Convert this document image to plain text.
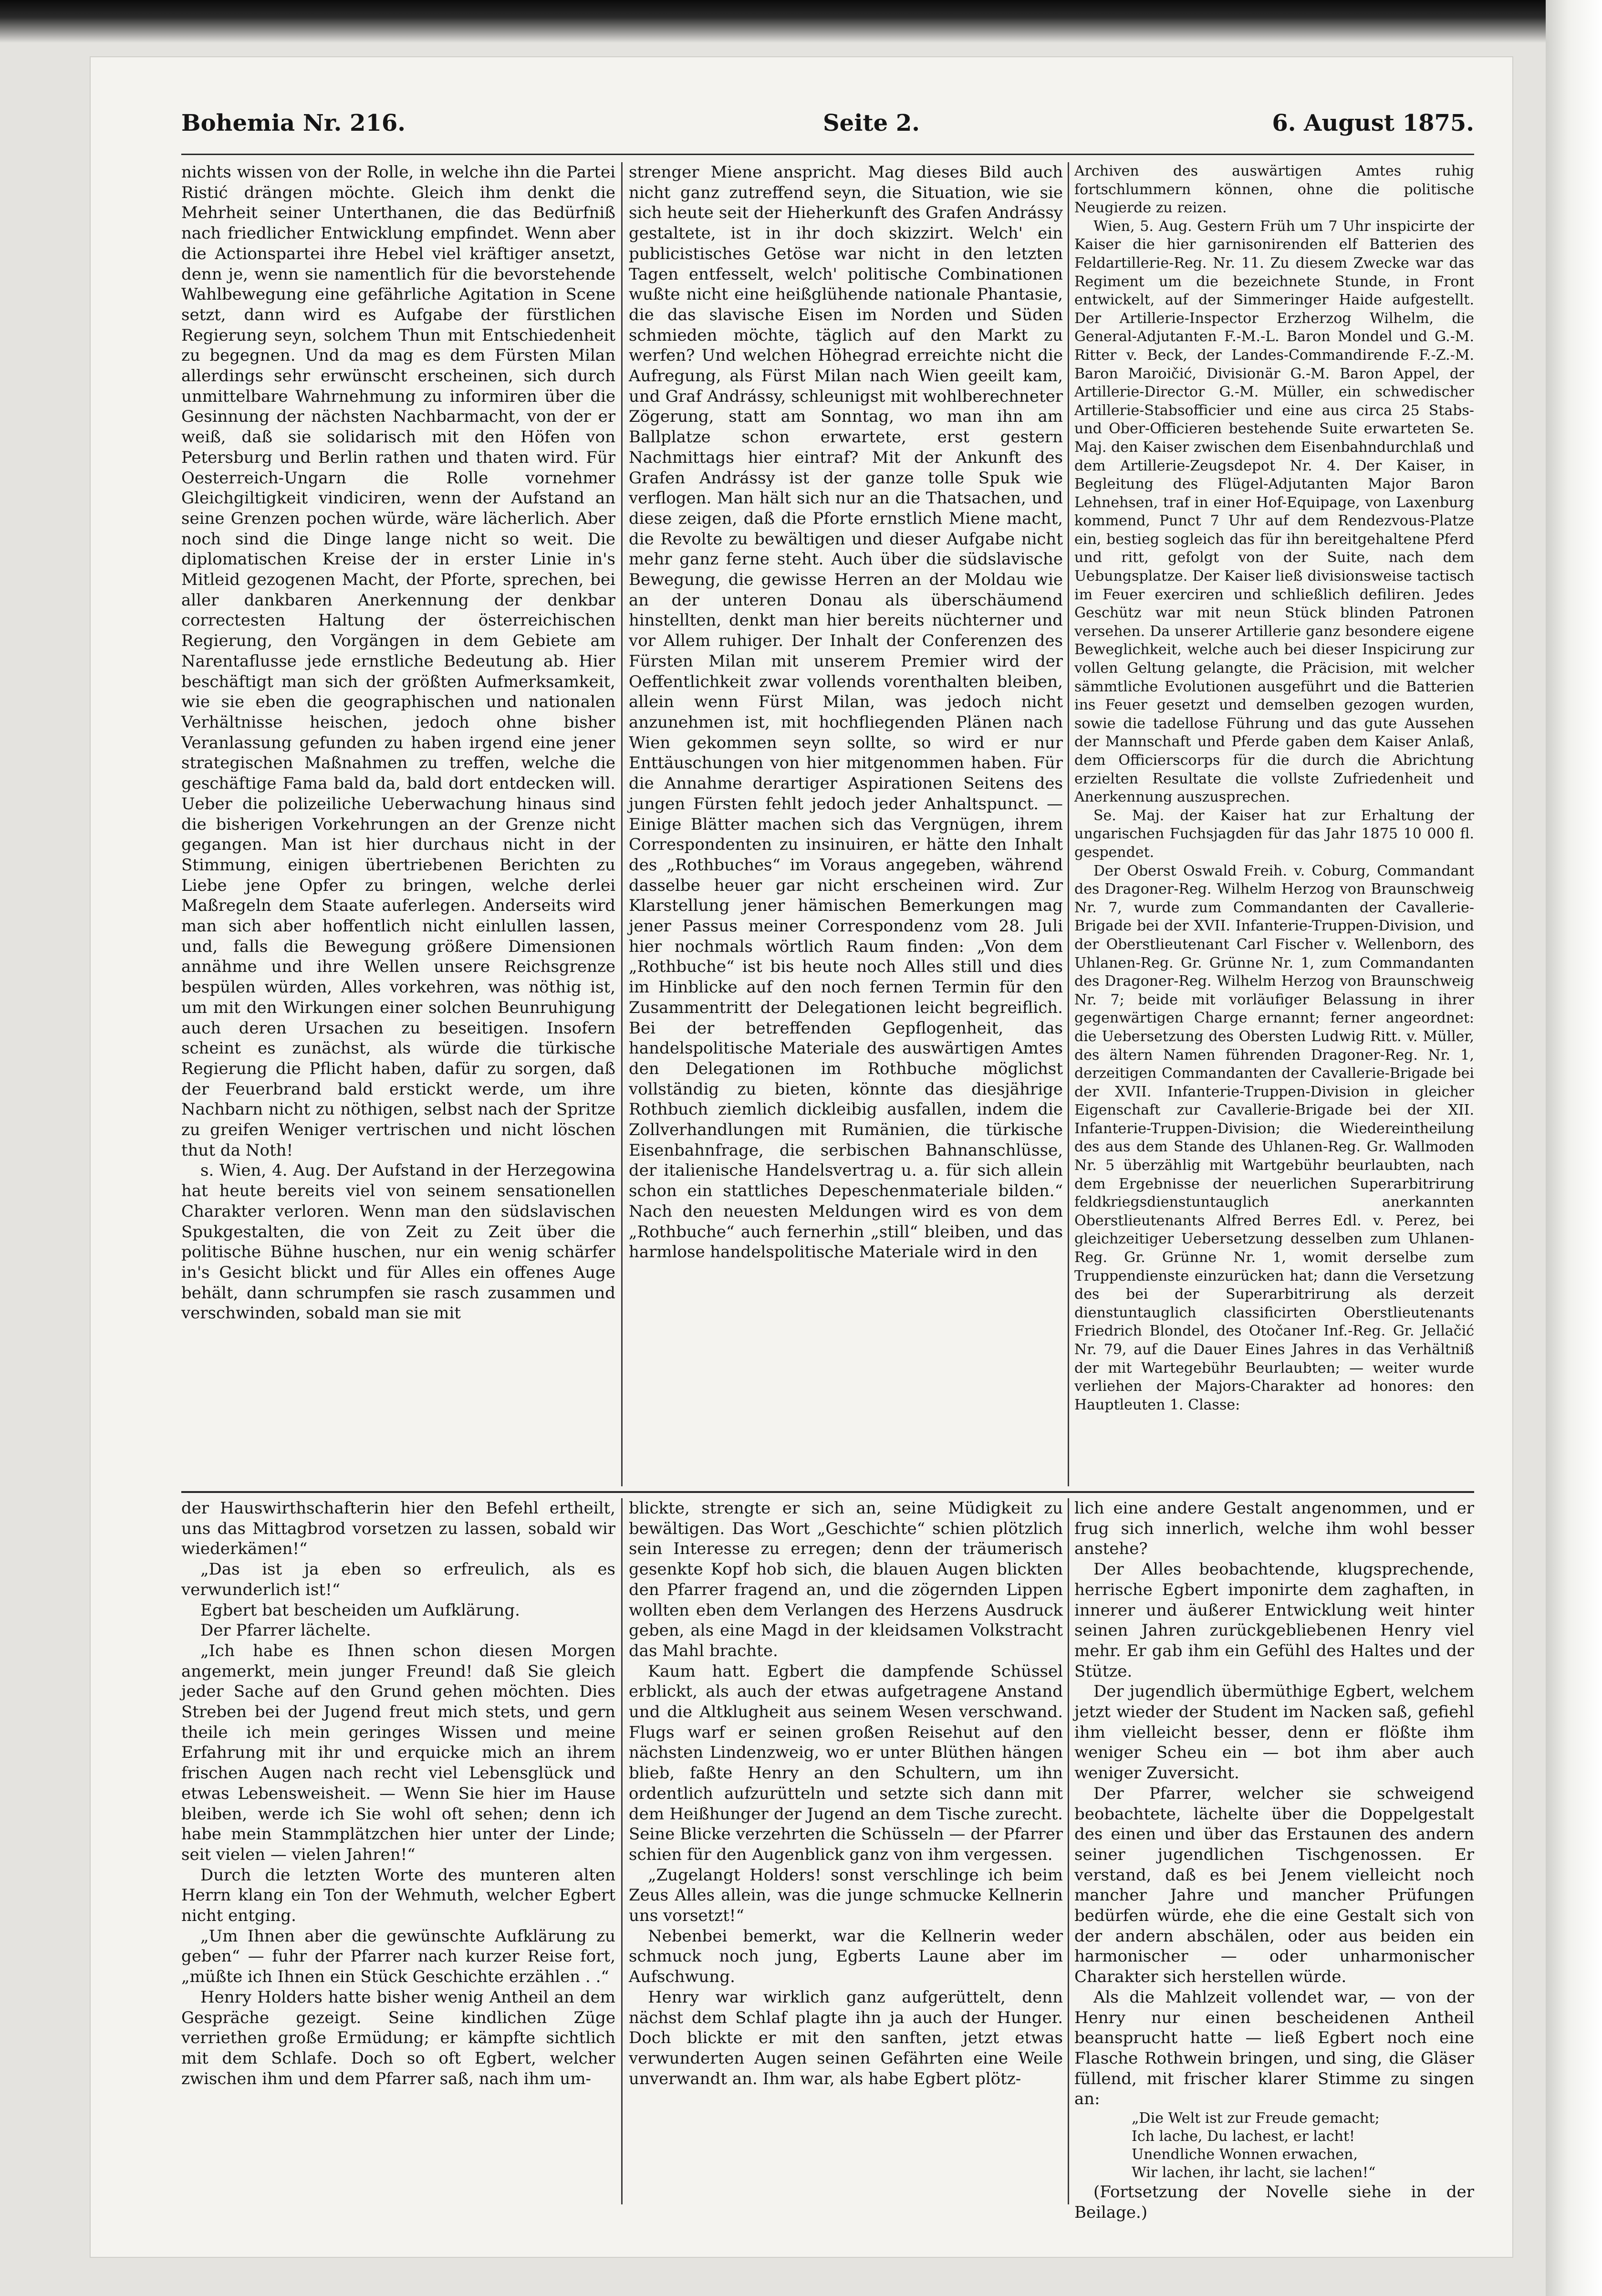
Bohemia Nr. 216.	Seite 2.	6. August 1875.

nichts wissen von der Rolle, in welche ihn die Partei Ristić drängen möchte. Gleich ihm denkt die Mehrheit seiner Unterthanen, die das Bedürfniß nach friedlicher Entwicklung empfindet. Wenn aber die Actionspartei ihre Hebel viel kräftiger ansetzt, denn je, wenn sie namentlich für die bevorstehende Wahlbewegung eine gefährliche Agitation in Scene setzt, dann wird es Aufgabe der fürstlichen Regierung seyn, solchem Thun mit Entschiedenheit zu begegnen. Und da mag es dem Fürsten Milan allerdings sehr erwünscht erscheinen, sich durch unmittelbare Wahrnehmung zu informiren über die Gesinnung der nächsten Nachbarmacht, von der er weiß, daß sie solidarisch mit den Höfen von Petersburg und Berlin rathen und thaten wird. Für Oesterreich-Ungarn die Rolle vornehmer Gleichgiltigkeit vindiciren, wenn der Aufstand an seine Grenzen pochen würde, wäre lächerlich. Aber noch sind die Dinge lange nicht so weit. Die diplomatischen Kreise der in erster Linie in's Mitleid gezogenen Macht, der Pforte, sprechen, bei aller dankbaren Anerkennung der denkbar correctesten Haltung der österreichischen Regierung, den Vorgängen in dem Gebiete am Narentaflusse jede ernstliche Bedeutung ab. Hier beschäftigt man sich der größten Aufmerksamkeit, wie sie eben die geographischen und nationalen Verhältnisse heischen, jedoch ohne bisher Veranlassung gefunden zu haben irgend eine jener strategischen Maßnahmen zu treffen, welche die geschäftige Fama bald da, bald dort entdecken will. Ueber die polizeiliche Ueberwachung hinaus sind die bisherigen Vorkehrungen an der Grenze nicht gegangen. Man ist hier durchaus nicht in der Stimmung, einigen übertriebenen Berichten zu Liebe jene Opfer zu bringen, welche derlei Maßregeln dem Staate auferlegen. Anderseits wird man sich aber hoffentlich nicht einlullen lassen, und, falls die Bewegung größere Dimensionen annähme und ihre Wellen unsere Reichsgrenze bespülen würden, Alles vorkehren, was nöthig ist, um mit den Wirkungen einer solchen Beunruhigung auch deren Ursachen zu beseitigen. Insofern scheint es zunächst, als würde die türkische Regierung die Pflicht haben, dafür zu sorgen, daß der Feuerbrand bald erstickt werde, um ihre Nachbarn nicht zu nöthigen, selbst nach der Spritze zu greifen Weniger vertrischen und nicht löschen thut da Noth!

s. Wien, 4. Aug. Der Aufstand in der Herzegowina hat heute bereits viel von seinem sensationellen Charakter verloren. Wenn man den südslavischen Spukgestalten, die von Zeit zu Zeit über die politische Bühne huschen, nur ein wenig schärfer in's Gesicht blickt und für Alles ein offenes Auge behält, dann schrumpfen sie rasch zusammen und verschwinden, sobald man sie mit

strenger Miene anspricht. Mag dieses Bild auch nicht ganz zutreffend seyn, die Situation, wie sie sich heute seit der Hieherkunft des Grafen Andrássy gestaltete, ist in ihr doch skizzirt. Welch' ein publicistisches Getöse war nicht in den letzten Tagen entfesselt, welch' politische Combinationen wußte nicht eine heißglühende nationale Phantasie, die das slavische Eisen im Norden und Süden schmieden möchte, täglich auf den Markt zu werfen? Und welchen Höhegrad erreichte nicht die Aufregung, als Fürst Milan nach Wien geeilt kam, und Graf Andrássy, schleunigst mit wohlberechneter Zögerung, statt am Sonntag, wo man ihn am Ballplatze schon erwartete, erst gestern Nachmittags hier eintraf? Mit der Ankunft des Grafen Andrássy ist der ganze tolle Spuk wie verflogen. Man hält sich nur an die Thatsachen, und diese zeigen, daß die Pforte ernstlich Miene macht, die Revolte zu bewältigen und dieser Aufgabe nicht mehr ganz ferne steht. Auch über die südslavische Bewegung, die gewisse Herren an der Moldau wie an der unteren Donau als überschäumend hinstellten, denkt man hier bereits nüchterner und vor Allem ruhiger. Der Inhalt der Conferenzen des Fürsten Milan mit unserem Premier wird der Oeffentlichkeit zwar vollends vorenthalten bleiben, allein wenn Fürst Milan, was jedoch nicht anzunehmen ist, mit hochfliegenden Plänen nach Wien gekommen seyn sollte, so wird er nur Enttäuschungen von hier mitgenommen haben. Für die Annahme derartiger Aspirationen Seitens des jungen Fürsten fehlt jedoch jeder Anhaltspunct. — Einige Blätter machen sich das Vergnügen, ihrem Correspondenten zu insinuiren, er hätte den Inhalt des „Rothbuches“ im Voraus angegeben, während dasselbe heuer gar nicht erscheinen wird. Zur Klarstellung jener hämischen Bemerkungen mag jener Passus meiner Correspondenz vom 28. Juli hier nochmals wörtlich Raum finden: „Von dem „Rothbuche“ ist bis heute noch Alles still und dies im Hinblicke auf den noch fernen Termin für den Zusammentritt der Delegationen leicht begreiflich. Bei der betreffenden Gepflogenheit, das handelspolitische Materiale des auswärtigen Amtes den Delegationen im Rothbuche möglichst vollständig zu bieten, könnte das diesjährige Rothbuch ziemlich dickleibig ausfallen, indem die Zollverhandlungen mit Rumänien, die türkische Eisenbahnfrage, die serbischen Bahnanschlüsse, der italienische Handelsvertrag u. a. für sich allein schon ein stattliches Depeschenmateriale bilden.“ Nach den neuesten Meldungen wird es von dem „Rothbuche“ auch fernerhin „still“ bleiben, und das harmlose handelspolitische Materiale wird in den

Archiven des auswärtigen Amtes ruhig fortschlummern können, ohne die politische Neugierde zu reizen.

Wien, 5. Aug. Gestern Früh um 7 Uhr inspicirte der Kaiser die hier garnisonirenden elf Batterien des Feldartillerie-Reg. Nr. 11. Zu diesem Zwecke war das Regiment um die bezeichnete Stunde, in Front entwickelt, auf der Simmeringer Haide aufgestellt. Der Artillerie-Inspector Erzherzog Wilhelm, die General-Adjutanten F.-M.-L. Baron Mondel und G.-M. Ritter v. Beck, der Landes-Commandirende F.-Z.-M. Baron Maroičić, Divisionär G.-M. Baron Appel, der Artillerie-Director G.-M. Müller, ein schwedischer Artillerie-Stabsofficier und eine aus circa 25 Stabs- und Ober-Officieren bestehende Suite erwarteten Se. Maj. den Kaiser zwischen dem Eisenbahndurchlaß und dem Artillerie-Zeugsdepot Nr. 4. Der Kaiser, in Begleitung des Flügel-Adjutanten Major Baron Lehnehsen, traf in einer Hof-Equipage, von Laxenburg kommend, Punct 7 Uhr auf dem Rendezvous-Platze ein, bestieg sogleich das für ihn bereitgehaltene Pferd und ritt, gefolgt von der Suite, nach dem Uebungsplatze. Der Kaiser ließ divisionsweise tactisch im Feuer exerciren und schließlich defiliren. Jedes Geschütz war mit neun Stück blinden Patronen versehen. Da unserer Artillerie ganz besondere eigene Beweglichkeit, welche auch bei dieser Inspicirung zur vollen Geltung gelangte, die Präcision, mit welcher sämmtliche Evolutionen ausgeführt und die Batterien ins Feuer gesetzt und demselben gezogen wurden, sowie die tadellose Führung und das gute Aussehen der Mannschaft und Pferde gaben dem Kaiser Anlaß, dem Officierscorps für die durch die Abrichtung erzielten Resultate die vollste Zufriedenheit und Anerkennung auszusprechen.

Se. Maj. der Kaiser hat zur Erhaltung der ungarischen Fuchsjagden für das Jahr 1875 10 000 fl. gespendet.

Der Oberst Oswald Freih. v. Coburg, Commandant des Dragoner-Reg. Wilhelm Herzog von Braunschweig Nr. 7, wurde zum Commandanten der Cavallerie-Brigade bei der XVII. Infanterie-Truppen-Division, und der Oberstlieutenant Carl Fischer v. Wellenborn, des Uhlanen-Reg. Gr. Grünne Nr. 1, zum Commandanten des Dragoner-Reg. Wilhelm Herzog von Braunschweig Nr. 7; beide mit vorläufiger Belassung in ihrer gegenwärtigen Charge ernannt; ferner angeordnet: die Uebersetzung des Obersten Ludwig Ritt. v. Müller, des ältern Namen führenden Dragoner-Reg. Nr. 1, derzeitigen Commandanten der Cavallerie-Brigade bei der XVII. Infanterie-Truppen-Division in gleicher Eigenschaft zur Cavallerie-Brigade bei der XII. Infanterie-Truppen-Division; die Wiedereintheilung des aus dem Stande des Uhlanen-Reg. Gr. Wallmoden Nr. 5 überzählig mit Wartgebühr beurlaubten, nach dem Ergebnisse der neuerlichen Superarbitrirung feldkriegsdienstuntauglich anerkannten Oberstlieutenants Alfred Berres Edl. v. Perez, bei gleichzeitiger Uebersetzung desselben zum Uhlanen-Reg. Gr. Grünne Nr. 1, womit derselbe zum Truppendienste einzurücken hat; dann die Versetzung des bei der Superarbitrirung als derzeit dienstuntauglich classificirten Oberstlieutenants Friedrich Blondel, des Otočaner Inf.-Reg. Gr. Jellačić Nr. 79, auf die Dauer Eines Jahres in das Verhältniß der mit Wartegebühr Beurlaubten; — weiter wurde verliehen der Majors-Charakter ad honores: den Hauptleuten 1. Classe:

der Hauswirthschafterin hier den Befehl ertheilt, uns das Mittagbrod vorsetzen zu lassen, sobald wir wiederkämen!“

„Das ist ja eben so erfreulich, als es verwunderlich ist!“

Egbert bat bescheiden um Aufklärung.

Der Pfarrer lächelte.

„Ich habe es Ihnen schon diesen Morgen angemerkt, mein junger Freund! daß Sie gleich jeder Sache auf den Grund gehen möchten. Dies Streben bei der Jugend freut mich stets, und gern theile ich mein geringes Wissen und meine Erfahrung mit ihr und erquicke mich an ihrem frischen Augen nach recht viel Lebensglück und etwas Lebensweisheit. — Wenn Sie hier im Hause bleiben, werde ich Sie wohl oft sehen; denn ich habe mein Stammplätzchen hier unter der Linde; seit vielen — vielen Jahren!“

Durch die letzten Worte des munteren alten Herrn klang ein Ton der Wehmuth, welcher Egbert nicht entging.

„Um Ihnen aber die gewünschte Aufklärung zu geben“ — fuhr der Pfarrer nach kurzer Reise fort, „müßte ich Ihnen ein Stück Geschichte erzählen . .“

Henry Holders hatte bisher wenig Antheil an dem Gespräche gezeigt. Seine kindlichen Züge verriethen große Ermüdung; er kämpfte sichtlich mit dem Schlafe. Doch so oft Egbert, welcher zwischen ihm und dem Pfarrer saß, nach ihm um-

blickte, strengte er sich an, seine Müdigkeit zu bewältigen. Das Wort „Geschichte“ schien plötzlich sein Interesse zu erregen; denn der träumerisch gesenkte Kopf hob sich, die blauen Augen blickten den Pfarrer fragend an, und die zögernden Lippen wollten eben dem Verlangen des Herzens Ausdruck geben, als eine Magd in der kleidsamen Volkstracht das Mahl brachte.

Kaum hatt. Egbert die dampfende Schüssel erblickt, als auch der etwas aufgetragene Anstand und die Altklugheit aus seinem Wesen verschwand. Flugs warf er seinen großen Reisehut auf den nächsten Lindenzweig, wo er unter Blüthen hängen blieb, faßte Henry an den Schultern, um ihn ordentlich aufzurütteln und setzte sich dann mit dem Heißhunger der Jugend an dem Tische zurecht. Seine Blicke verzehrten die Schüsseln — der Pfarrer schien für den Augenblick ganz von ihm vergessen.

„Zugelangt Holders! sonst verschlinge ich beim Zeus Alles allein, was die junge schmucke Kellnerin uns vorsetzt!“

Nebenbei bemerkt, war die Kellnerin weder schmuck noch jung, Egberts Laune aber im Aufschwung.

Henry war wirklich ganz aufgerüttelt, denn nächst dem Schlaf plagte ihn ja auch der Hunger. Doch blickte er mit den sanften, jetzt etwas verwunderten Augen seinen Gefährten eine Weile unverwandt an. Ihm war, als habe Egbert plötz-

lich eine andere Gestalt angenommen, und er frug sich innerlich, welche ihm wohl besser anstehe?

Der Alles beobachtende, klugsprechende, herrische Egbert imponirte dem zaghaften, in innerer und äußerer Entwicklung weit hinter seinen Jahren zurückgebliebenen Henry viel mehr. Er gab ihm ein Gefühl des Haltes und der Stütze.

Der jugendlich übermüthige Egbert, welchem jetzt wieder der Student im Nacken saß, gefiehl ihm vielleicht besser, denn er flößte ihm weniger Scheu ein — bot ihm aber auch weniger Zuversicht.

Der Pfarrer, welcher sie schweigend beobachtete, lächelte über die Doppelgestalt des einen und über das Erstaunen des andern seiner jugendlichen Tischgenossen. Er verstand, daß es bei Jenem vielleicht noch mancher Jahre und mancher Prüfungen bedürfen würde, ehe die eine Gestalt sich von der andern abschälen, oder aus beiden ein harmonischer — oder unharmonischer Charakter sich herstellen würde.

Als die Mahlzeit vollendet war, — von der Henry nur einen bescheidenen Antheil beansprucht hatte — ließ Egbert noch eine Flasche Rothwein bringen, und sing, die Gläser füllend, mit frischer klarer Stimme zu singen an:

„Die Welt ist zur Freude gemacht;
Ich lache, Du lachest, er lacht!
Unendliche Wonnen erwachen,
Wir lachen, ihr lacht, sie lachen!“

(Fortsetzung der Novelle siehe in der Beilage.)
